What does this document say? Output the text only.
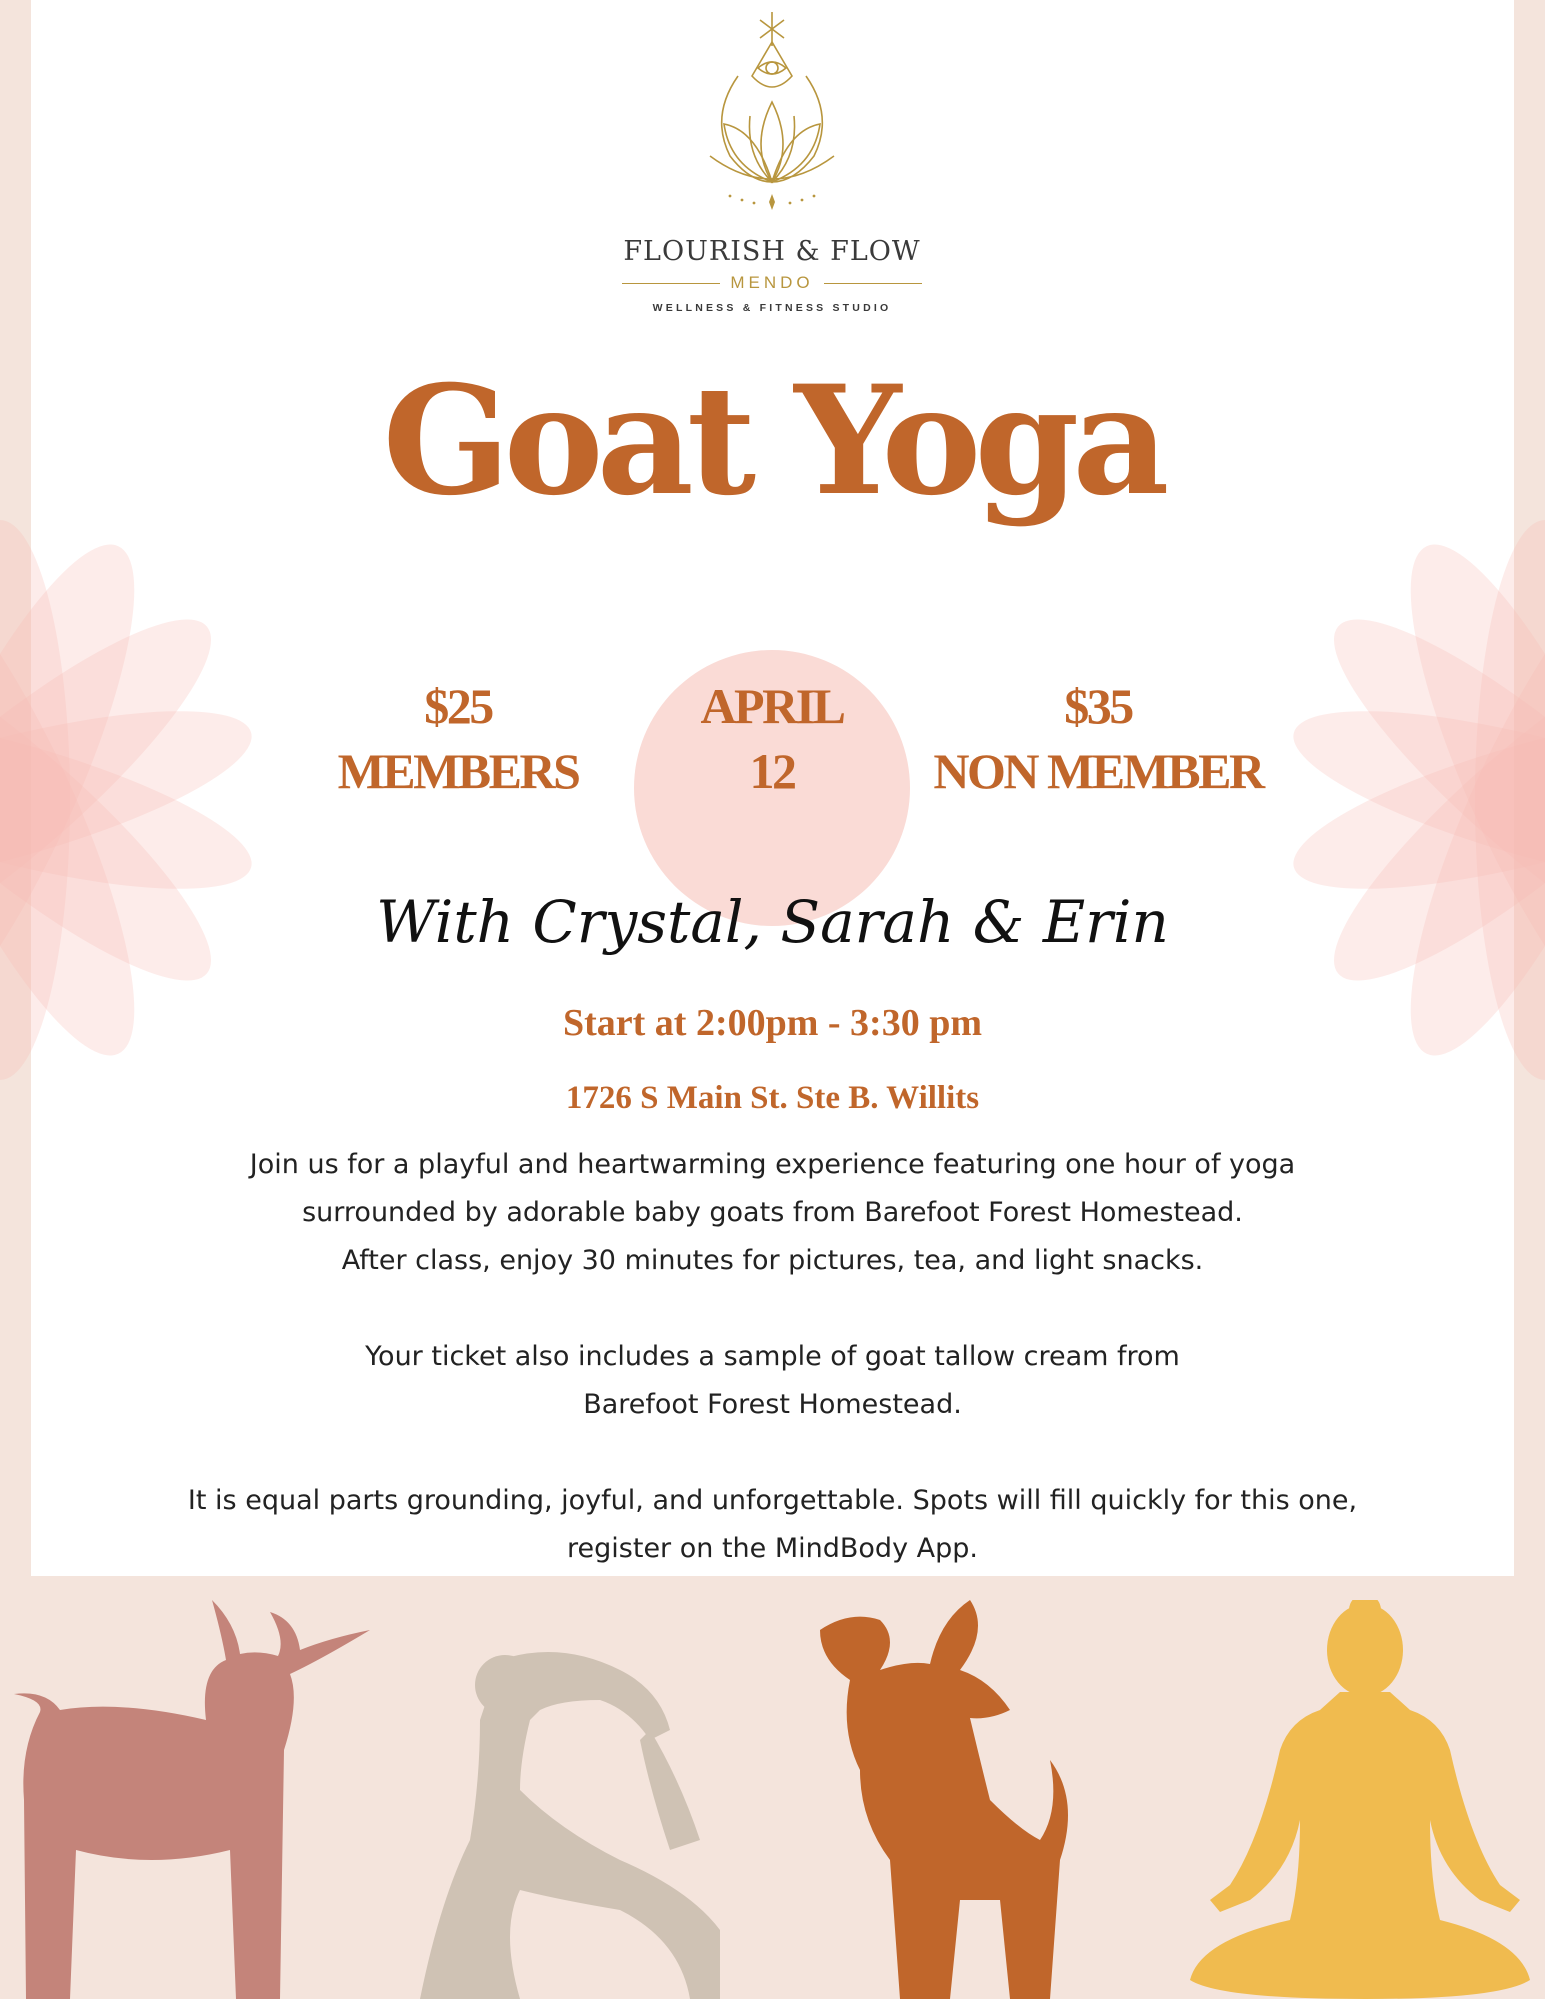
FLOURISH & FLOW
MENDO
WELLNESS & FITNESS STUDIO
Goat Yoga
APRIL
12
$25
MEMBERS
$35
NON MEMBER
With Crystal, Sarah & Erin
Start at 2:00pm - 3:30 pm
1726 S Main St. Ste B. Willits

Join us for a playful and heartwarming experience featuring one hour of yoga
surrounded by adorable baby goats from Barefoot Forest Homestead.
After class, enjoy 30 minutes for pictures, tea, and light snacks.

Your ticket also includes a sample of goat tallow cream from
Barefoot Forest Homestead.

It is equal parts grounding, joyful, and unforgettable. Spots will fill quickly for this one,
register on the MindBody App.
